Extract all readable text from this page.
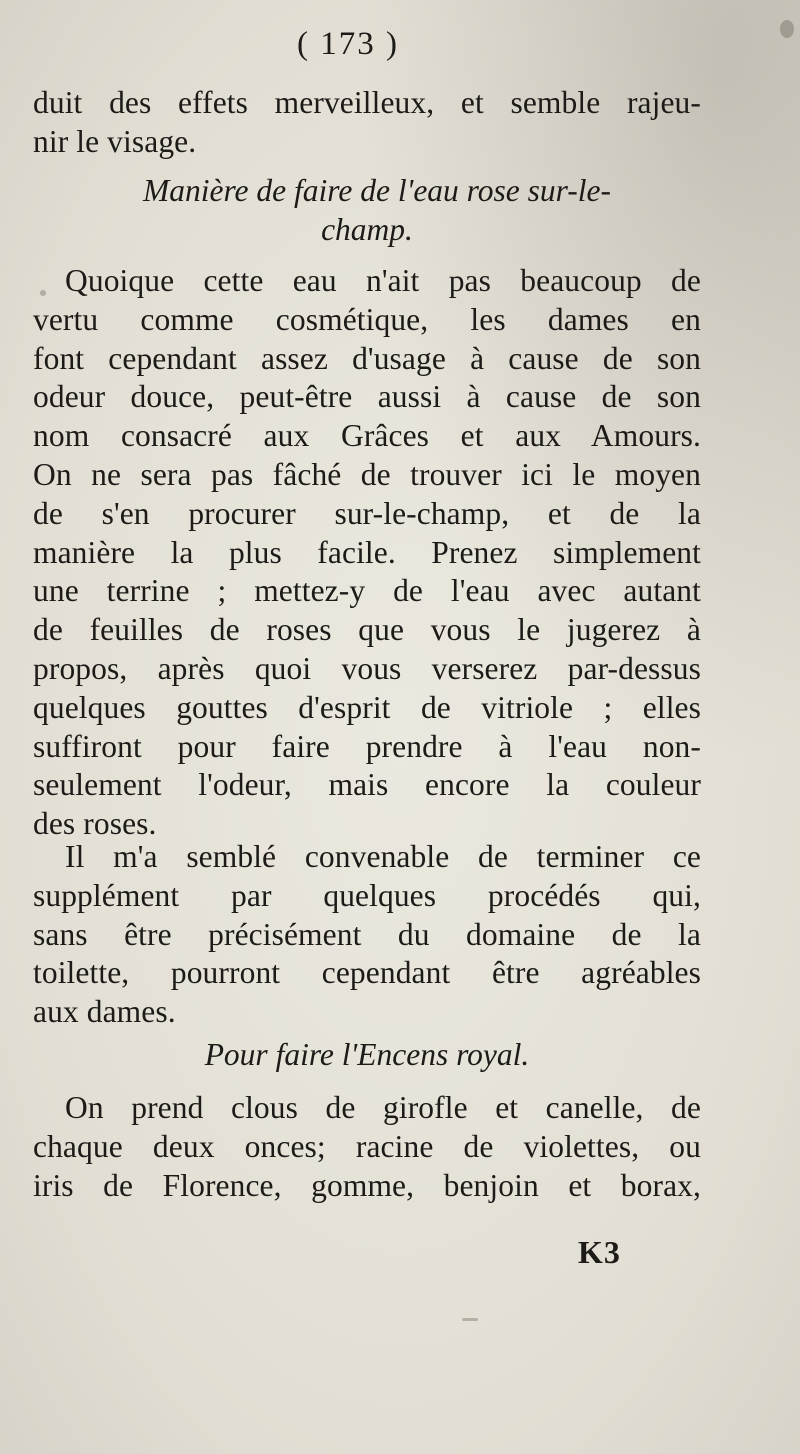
( 173 )
duit des effets merveilleux, et semble rajeu-
nir le visage.
Manière de faire de l'eau rose sur-le-
champ.
Quoique cette eau n'ait pas beaucoup de
vertu comme cosmétique, les dames en
font cependant assez d'usage à cause de son
odeur douce, peut-être aussi à cause de son
nom consacré aux Grâces et aux Amours.
On ne sera pas fâché de trouver ici le moyen
de s'en procurer sur-le-champ, et de la
manière la plus facile. Prenez simplement
une terrine ; mettez-y de l'eau avec autant
de feuilles de roses que vous le jugerez à
propos, après quoi vous verserez par-dessus
quelques gouttes d'esprit de vitriole ; elles
suffiront pour faire prendre à l'eau non-
seulement l'odeur, mais encore la couleur
des roses.
Il m'a semblé convenable de terminer ce
supplément par quelques procédés qui,
sans être précisément du domaine de la
toilette, pourront cependant être agréables
aux dames.
Pour faire l'Encens royal.
On prend clous de girofle et canelle, de
chaque deux onces; racine de violettes, ou
iris de Florence, gomme, benjoin et borax,
K3
